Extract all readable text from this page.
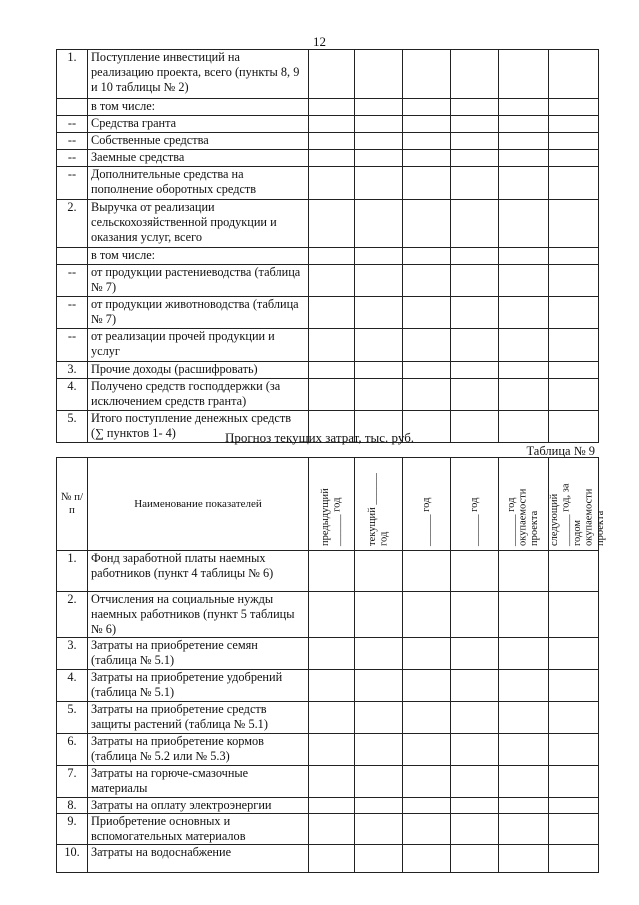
12
1.	Поступление инвестиций на реализацию проекта, всего (пункты 8, 9 и 10 таблицы № 2)						
	в том числе:						
--	Средства гранта						
--	Собственные средства						
--	Заемные средства						
--	Дополнительные средства на пополнение оборотных средств						
2.	Выручка от реализации сельскохозяйственной продукции и оказания услуг, всего						
	в том числе:						
--	от продукции растениеводства (таблица № 7)						
--	от продукции животноводства (таблица № 7)						
--	от реализации прочей продукции и услуг						
3.	Прочие доходы (расшифровать)						
4.	Получено средств господдержки (за исключением средств гранта)						
5.	Итого поступление денежных средств (∑ пунктов 1- 4)							Прогноз текущих затрат, тыс. руб.
Таблица № 9
№ п/п	Наименование показателей	предыдущий ______ год	текущий ______ год	______ год	______ год	______ год окупаемости проекта	следующий ______ год, за годом окупаемости проекта

1.	Фонд заработной платы наемных работников (пункт 4 таблицы № 6)						
2.	Отчисления на социальные нужды наемных работников (пункт 5 таблицы № 6)						
3.	Затраты на приобретение семян (таблица № 5.1)						
4.	Затраты на приобретение удобрений (таблица № 5.1)						
5.	Затраты на приобретение средств защиты растений (таблица № 5.1)						
6.	Затраты на приобретение кормов (таблица № 5.2 или № 5.3)						
7.	Затраты на горюче-смазочные материалы						
8.	Затраты на оплату электроэнергии						
9.	Приобретение основных и вспомогательных материалов						
10.	Затраты на водоснабжение						
